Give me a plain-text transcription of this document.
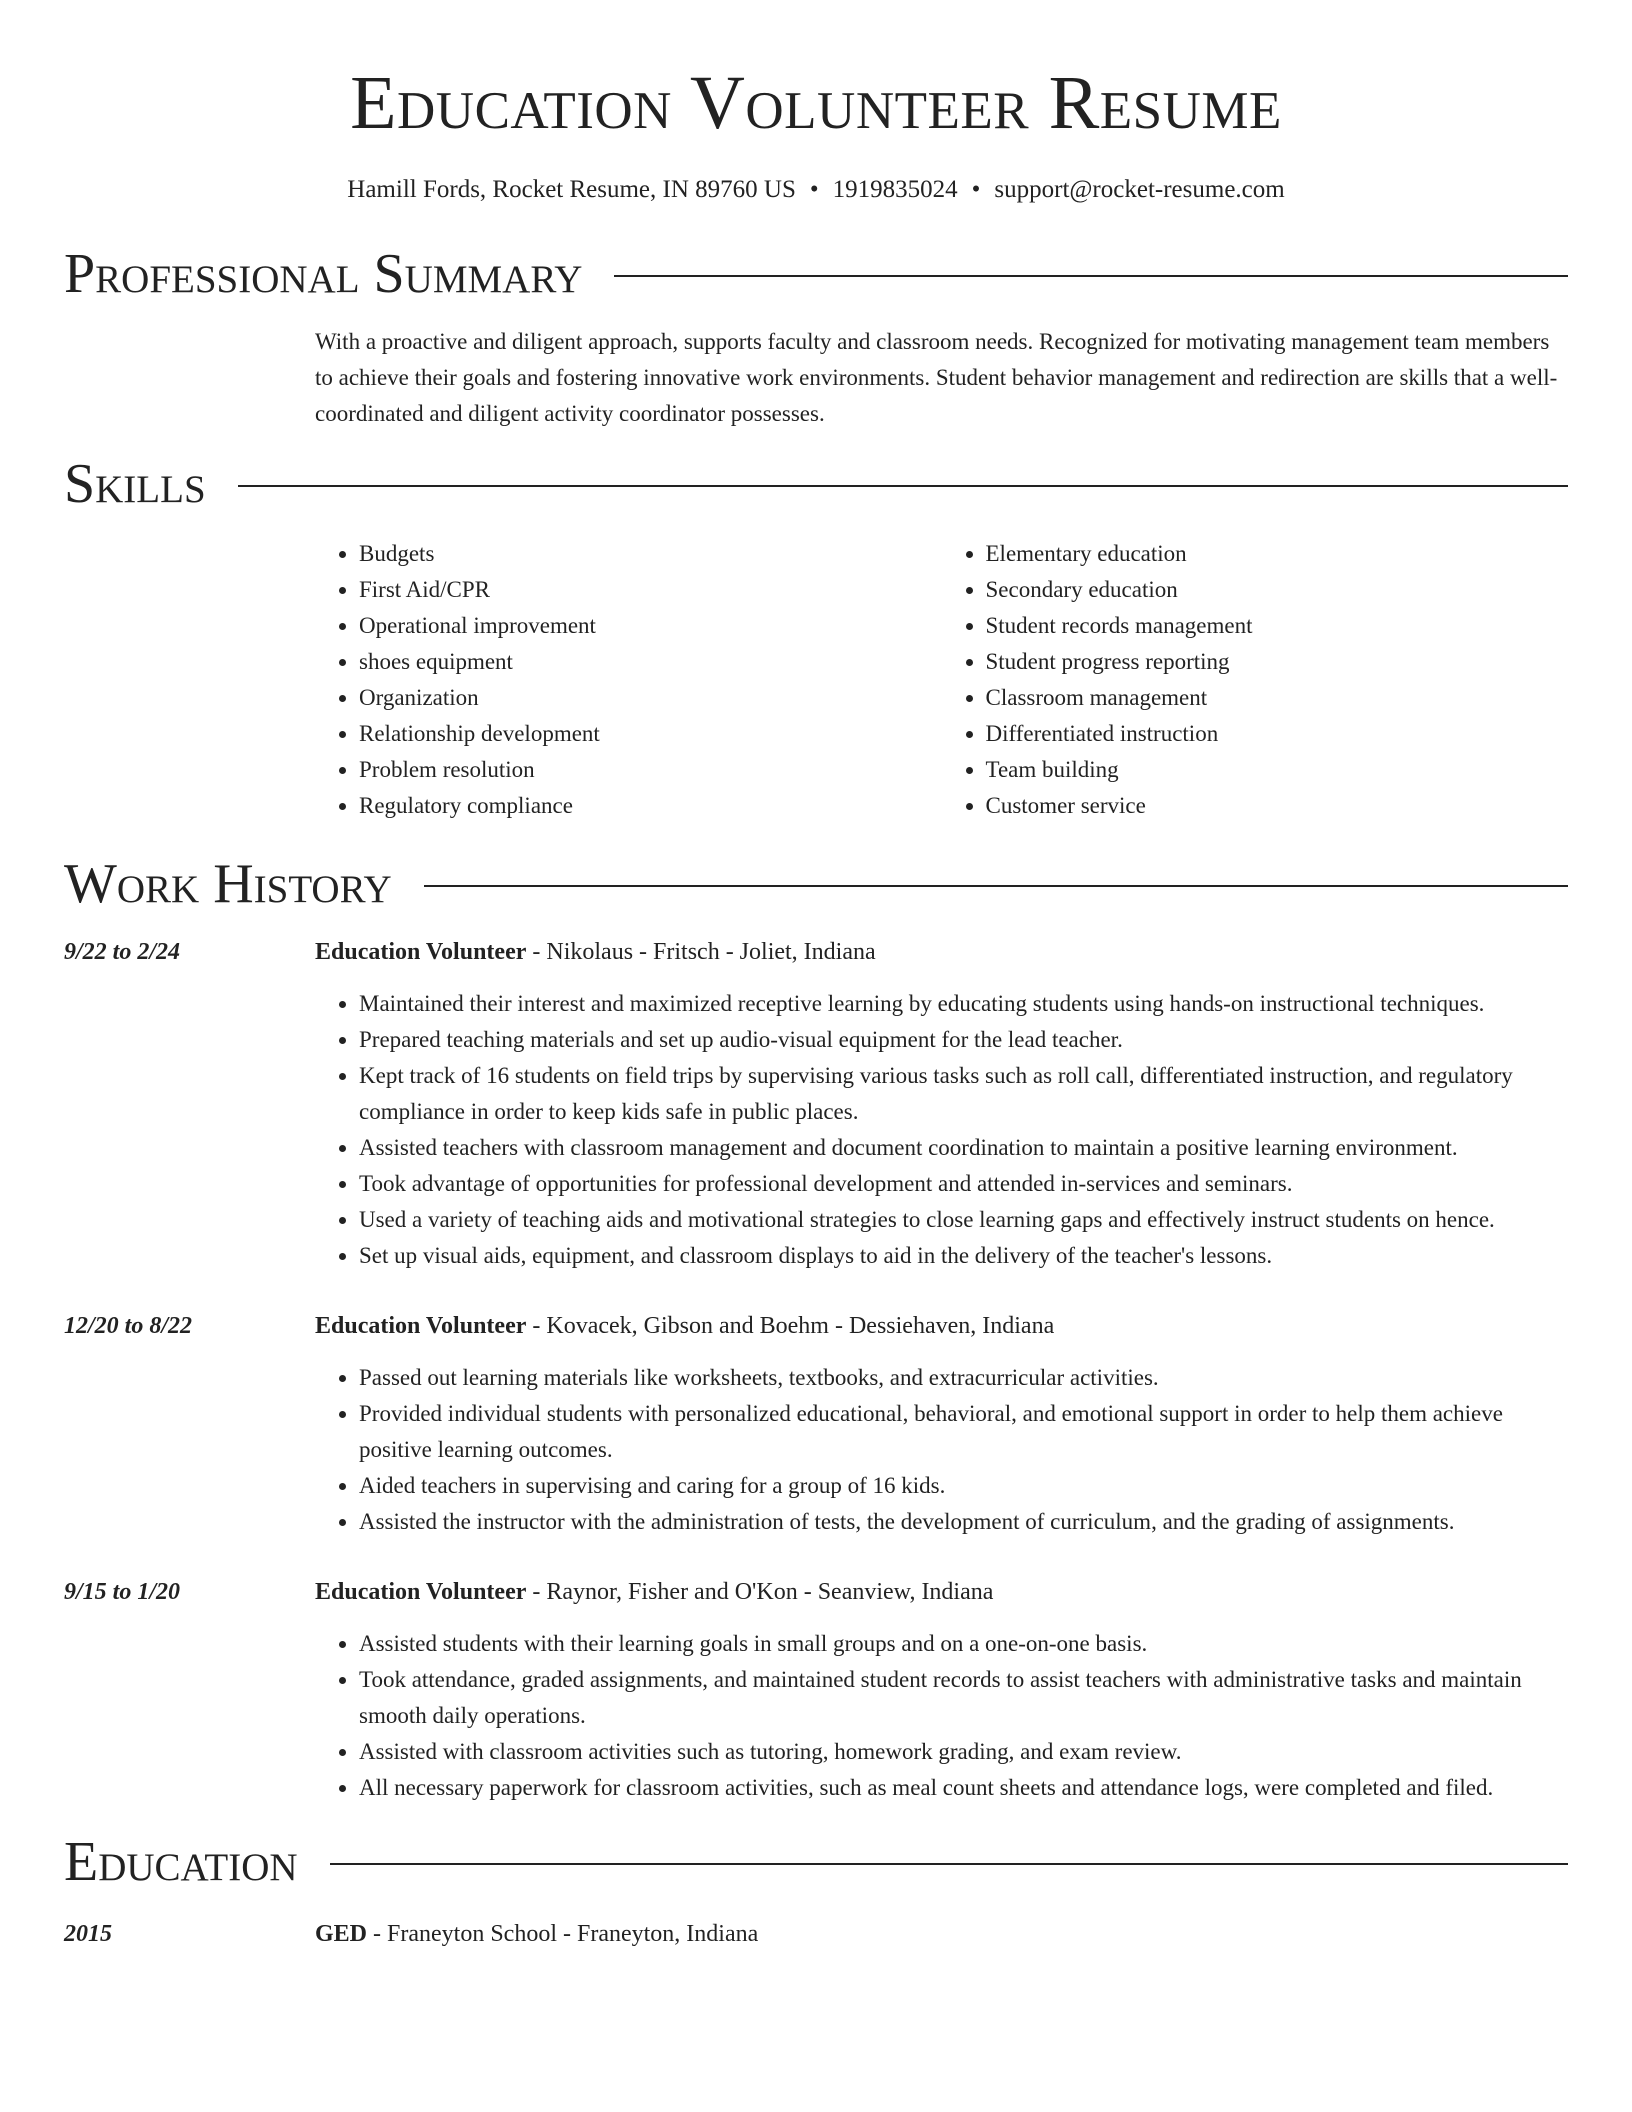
Education Volunteer Resume
Hamill Fords, Rocket Resume, IN 89760 US • 1919835024 • support@rocket-resume.com
Professional Summary
With a proactive and diligent approach, supports faculty and classroom needs. Recognized for motivating management team members to achieve their goals and fostering innovative work environments. Student behavior management and redirection are skills that a well-coordinated and diligent activity coordinator possesses.
Skills
• Budgets
• First Aid/CPR
• Operational improvement
• shoes equipment
• Organization
• Relationship development
• Problem resolution
• Regulatory compliance
• Elementary education
• Secondary education
• Student records management
• Student progress reporting
• Classroom management
• Differentiated instruction
• Team building
• Customer service
Work History
9/22 to 2/24	Education Volunteer - Nikolaus - Fritsch - Joliet, Indiana
• Maintained their interest and maximized receptive learning by educating students using hands-on instructional techniques.
• Prepared teaching materials and set up audio-visual equipment for the lead teacher.
• Kept track of 16 students on field trips by supervising various tasks such as roll call, differentiated instruction, and regulatory compliance in order to keep kids safe in public places.
• Assisted teachers with classroom management and document coordination to maintain a positive learning environment.
• Took advantage of opportunities for professional development and attended in-services and seminars.
• Used a variety of teaching aids and motivational strategies to close learning gaps and effectively instruct students on hence.
• Set up visual aids, equipment, and classroom displays to aid in the delivery of the teacher's lessons.
12/20 to 8/22	Education Volunteer - Kovacek, Gibson and Boehm - Dessiehaven, Indiana
• Passed out learning materials like worksheets, textbooks, and extracurricular activities.
• Provided individual students with personalized educational, behavioral, and emotional support in order to help them achieve positive learning outcomes.
• Aided teachers in supervising and caring for a group of 16 kids.
• Assisted the instructor with the administration of tests, the development of curriculum, and the grading of assignments.
9/15 to 1/20	Education Volunteer - Raynor, Fisher and O'Kon - Seanview, Indiana
• Assisted students with their learning goals in small groups and on a one-on-one basis.
• Took attendance, graded assignments, and maintained student records to assist teachers with administrative tasks and maintain smooth daily operations.
• Assisted with classroom activities such as tutoring, homework grading, and exam review.
• All necessary paperwork for classroom activities, such as meal count sheets and attendance logs, were completed and filed.
Education
2015	GED - Franeyton School - Franeyton, Indiana
